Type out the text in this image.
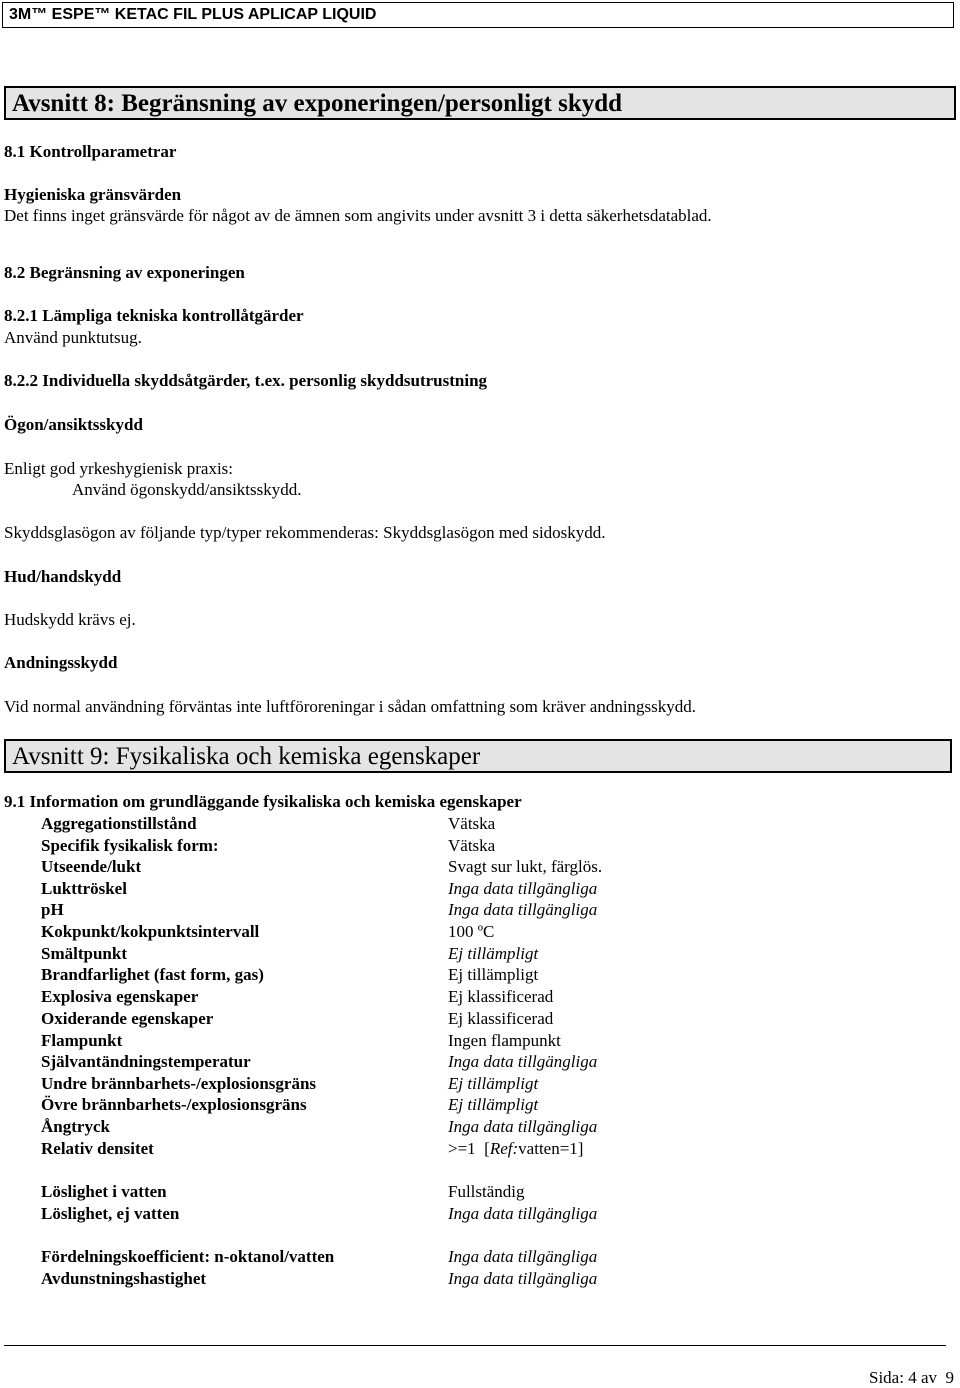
3M™ ESPE™ KETAC FIL PLUS APLICAP LIQUID
Avsnitt 8: Begränsning av exponeringen/personligt skydd
8.1 Kontrollparametrar
Hygieniska gränsvärden
Det finns inget gränsvärde för något av de ämnen som angivits under avsnitt 3 i detta säkerhetsdatablad.
8.2 Begränsning av exponeringen
8.2.1 Lämpliga tekniska kontrollåtgärder
Använd punktutsug.
8.2.2 Individuella skyddsåtgärder, t.ex. personlig skyddsutrustning
Ögon/ansiktsskydd
Enligt god yrkeshygienisk praxis:
Använd ögonskydd/ansiktsskydd.
Skyddsglasögon av följande typ/typer rekommenderas: Skyddsglasögon med sidoskydd.
Hud/handskydd
Hudskydd krävs ej.
Andningsskydd
Vid normal användning förväntas inte luftföroreningar i sådan omfattning som kräver andningsskydd.
Avsnitt 9: Fysikaliska och kemiska egenskaper
9.1 Information om grundläggande fysikaliska och kemiska egenskaper
Aggregationstillstånd	Vätska
Specifik fysikalisk form:	Vätska
Utseende/lukt	Svagt sur lukt, färglös.
Lukttröskel	Inga data tillgängliga
pH	Inga data tillgängliga
Kokpunkt/kokpunktsintervall	100 ºC
Smältpunkt	Ej tillämpligt
Brandfarlighet (fast form, gas)	Ej tillämpligt
Explosiva egenskaper	Ej klassificerad
Oxiderande egenskaper	Ej klassificerad
Flampunkt	Ingen flampunkt
Självantändningstemperatur	Inga data tillgängliga
Undre brännbarhets-/explosionsgräns	Ej tillämpligt
Övre brännbarhets-/explosionsgräns	Ej tillämpligt
Ångtryck	Inga data tillgängliga
Relativ densitet	>=1  [Ref:vatten=1]
Löslighet i vatten	Fullständig
Löslighet, ej vatten	Inga data tillgängliga
Fördelningskoefficient: n-oktanol/vatten	Inga data tillgängliga
Avdunstningshastighet	Inga data tillgängliga
Sida: 4 av  9
